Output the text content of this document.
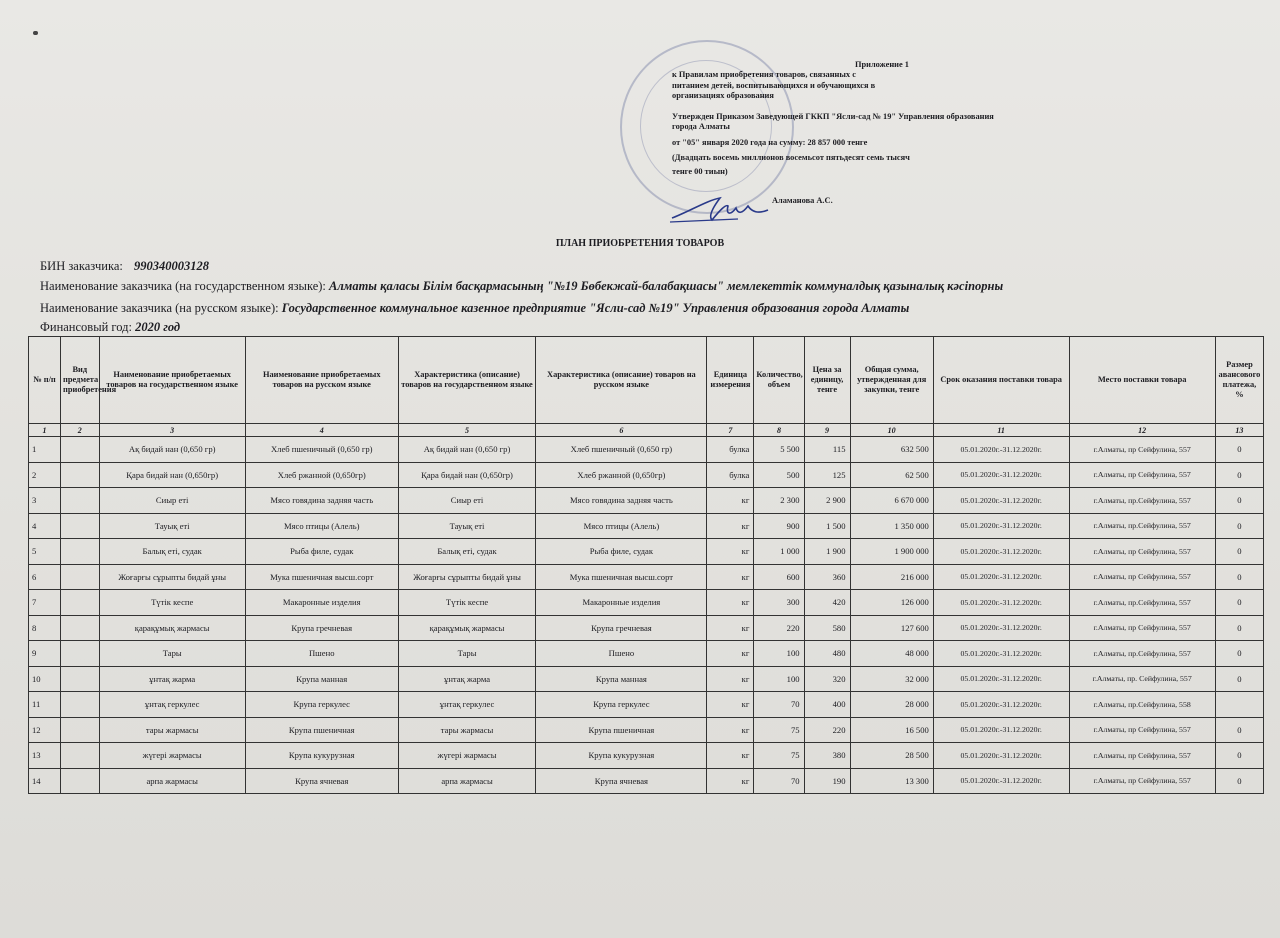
Приложение 1
к Правилам приобретения товаров, связанных с
питанием детей, воспитывающихся и обучающихся в
организациях образования
Утвержден Приказом Заведующей ГККП "Ясли-сад № 19" Управления образования
города Алматы
от "05" января 2020 года на сумму: 28 857 000 тенге
(Двадцать восемь миллионов восемьсот пятьдесят семь тысяч
тенге 00 тиын)
Аламанова А.С.
ПЛАН ПРИОБРЕТЕНИЯ ТОВАРОВ
БИН заказчика: 990340003128
Наименование заказчика (на государственном языке): Алматы қаласы Білім басқармасының "№19 Бөбекжай-балабақшасы" мемлекеттік коммуналдық қазыналық кәсіпорны
Наименование заказчика (на русском языке): Государственное коммунальное казенное предприятие "Ясли-сад №19" Управления образования города Алматы
Финансовый год: 2020 год
№ п/п	Вид предмета приобретения	Наименование приобретаемых товаров на государственном языке	Наименование приобретаемых товаров на русском языке	Характеристика (описание) товаров на государственном языке	Характеристика (описание) товаров на русском языке	Единица измерения	Количество, объем	Цена за единицу, тенге	Общая сумма, утвержденная для закупки, тенге	Срок оказания поставки товара	Место поставки товара	Размер авансового платежа, %
1	2	3	4	5	6	7	8	9	10	11	12	13
1		Ақ бидай нан (0,650 гр)	Хлеб пшеничный (0,650 гр)	Ақ бидай нан (0,650 гр)	Хлеб пшеничный (0,650 гр)	булка	5 500	115	632 500	05.01.2020г.-31.12.2020г.	г.Алматы, пр Сейфулина, 557	0
2		Қара бидай нан (0,650гр)	Хлеб ржанной (0,650гр)	Қара бидай нан (0,650гр)	Хлеб ржанной (0,650гр)	булка	500	125	62 500	05.01.2020г.-31.12.2020г.	г.Алматы, пр Сейфулина, 557	0
3		Сиыр еті	Мясо говядина задняя часть	Сиыр еті	Мясо говядина задняя часть	кг	2 300	2 900	6 670 000	05.01.2020г.-31.12.2020г.	г.Алматы, пр.Сейфулина, 557	0
4		Тауық еті	Мясо птицы (Алель)	Тауық еті	Мясо птицы (Алель)	кг	900	1 500	1 350 000	05.01.2020г.-31.12.2020г.	г.Алматы, пр.Сейфулина, 557	0
5		Балық еті, судак	Рыба филе, судак	Балық еті, судак	Рыба филе, судак	кг	1 000	1 900	1 900 000	05.01.2020г.-31.12.2020г.	г.Алматы, пр Сейфулина, 557	0
6		Жоғарғы сұрыпты бидай ұны	Мука пшеничная высш.сорт	Жоғарғы сұрыпты бидай ұны	Мука пшеничная высш.сорт	кг	600	360	216 000	05.01.2020г.-31.12.2020г.	г.Алматы, пр Сейфулина, 557	0
7		Түтік кеспе	Макаронные изделия	Түтік кеспе	Макаронные изделия	кг	300	420	126 000	05.01.2020г.-31.12.2020г.	г.Алматы, пр.Сейфулина, 557	0
8		қарақұмық жармасы	Крупа гречневая	қарақұмық жармасы	Крупа гречневая	кг	220	580	127 600	05.01.2020г.-31.12.2020г.	г.Алматы, пр Сейфулина, 557	0
9		Тары	Пшено	Тары	Пшено	кг	100	480	48 000	05.01.2020г.-31.12.2020г.	г.Алматы, пр.Сейфулина, 557	0
10		ұнтақ жарма	Крупа манная	ұнтақ жарма	Крупа манная	кг	100	320	32 000	05.01.2020г.-31.12.2020г.	г.Алматы, пр. Сейфулина, 557	0
11		ұнтақ геркулес	Крупа геркулес	ұнтақ геркулес	Крупа геркулес	кг	70	400	28 000	05.01.2020г.-31.12.2020г.	г.Алматы, пр.Сейфулина, 558	
12		тары жармасы	Крупа пшеничная	тары жармасы	Крупа пшеничная	кг	75	220	16 500	05.01.2020г.-31.12.2020г.	г.Алматы, пр Сейфулина, 557	0
13		жүгері жармасы	Крупа кукурузная	жүгері жармасы	Крупа кукурузная	кг	75	380	28 500	05.01.2020г.-31.12.2020г.	г.Алматы, пр Сейфулина, 557	0
14		арпа жармасы	Крупа ячневая	арпа жармасы	Крупа ячневая	кг	70	190	13 300	05.01.2020г.-31.12.2020г.	г.Алматы, пр Сейфулина, 557	0
